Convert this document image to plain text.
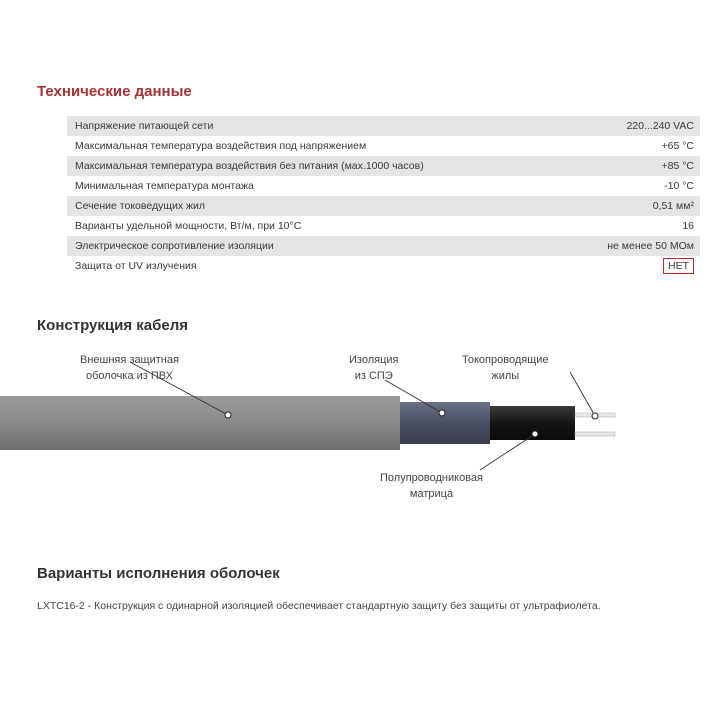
Технические данные
Напряжение питающей сети	220...240 VAC
Максимальная температура воздействия под напряжением	+65 °C
Максимальная температура воздействия без питания (мах.1000 часов)	+85 °C
Минимальная температура монтажа	-10 °C
Сечение токоведущих жил	0,51 мм²
Варианты удельной мощности, Вт/м, при 10°С	16
Электрическое сопротивление изоляции	не менее 50 МОм
Защита от UV излучения	НЕТ
Конструкция кабеля
Внешняя защитная
оболочка из ПВХ
Изоляция
из СПЭ
Токопроводящие
жилы
Полупроводниковая
матрица
Варианты исполнения оболочек
LXTC16-2 - Конструкция с одинарной изоляцией обеспечивает стандартную защиту без защиты от ультрафиолета.
